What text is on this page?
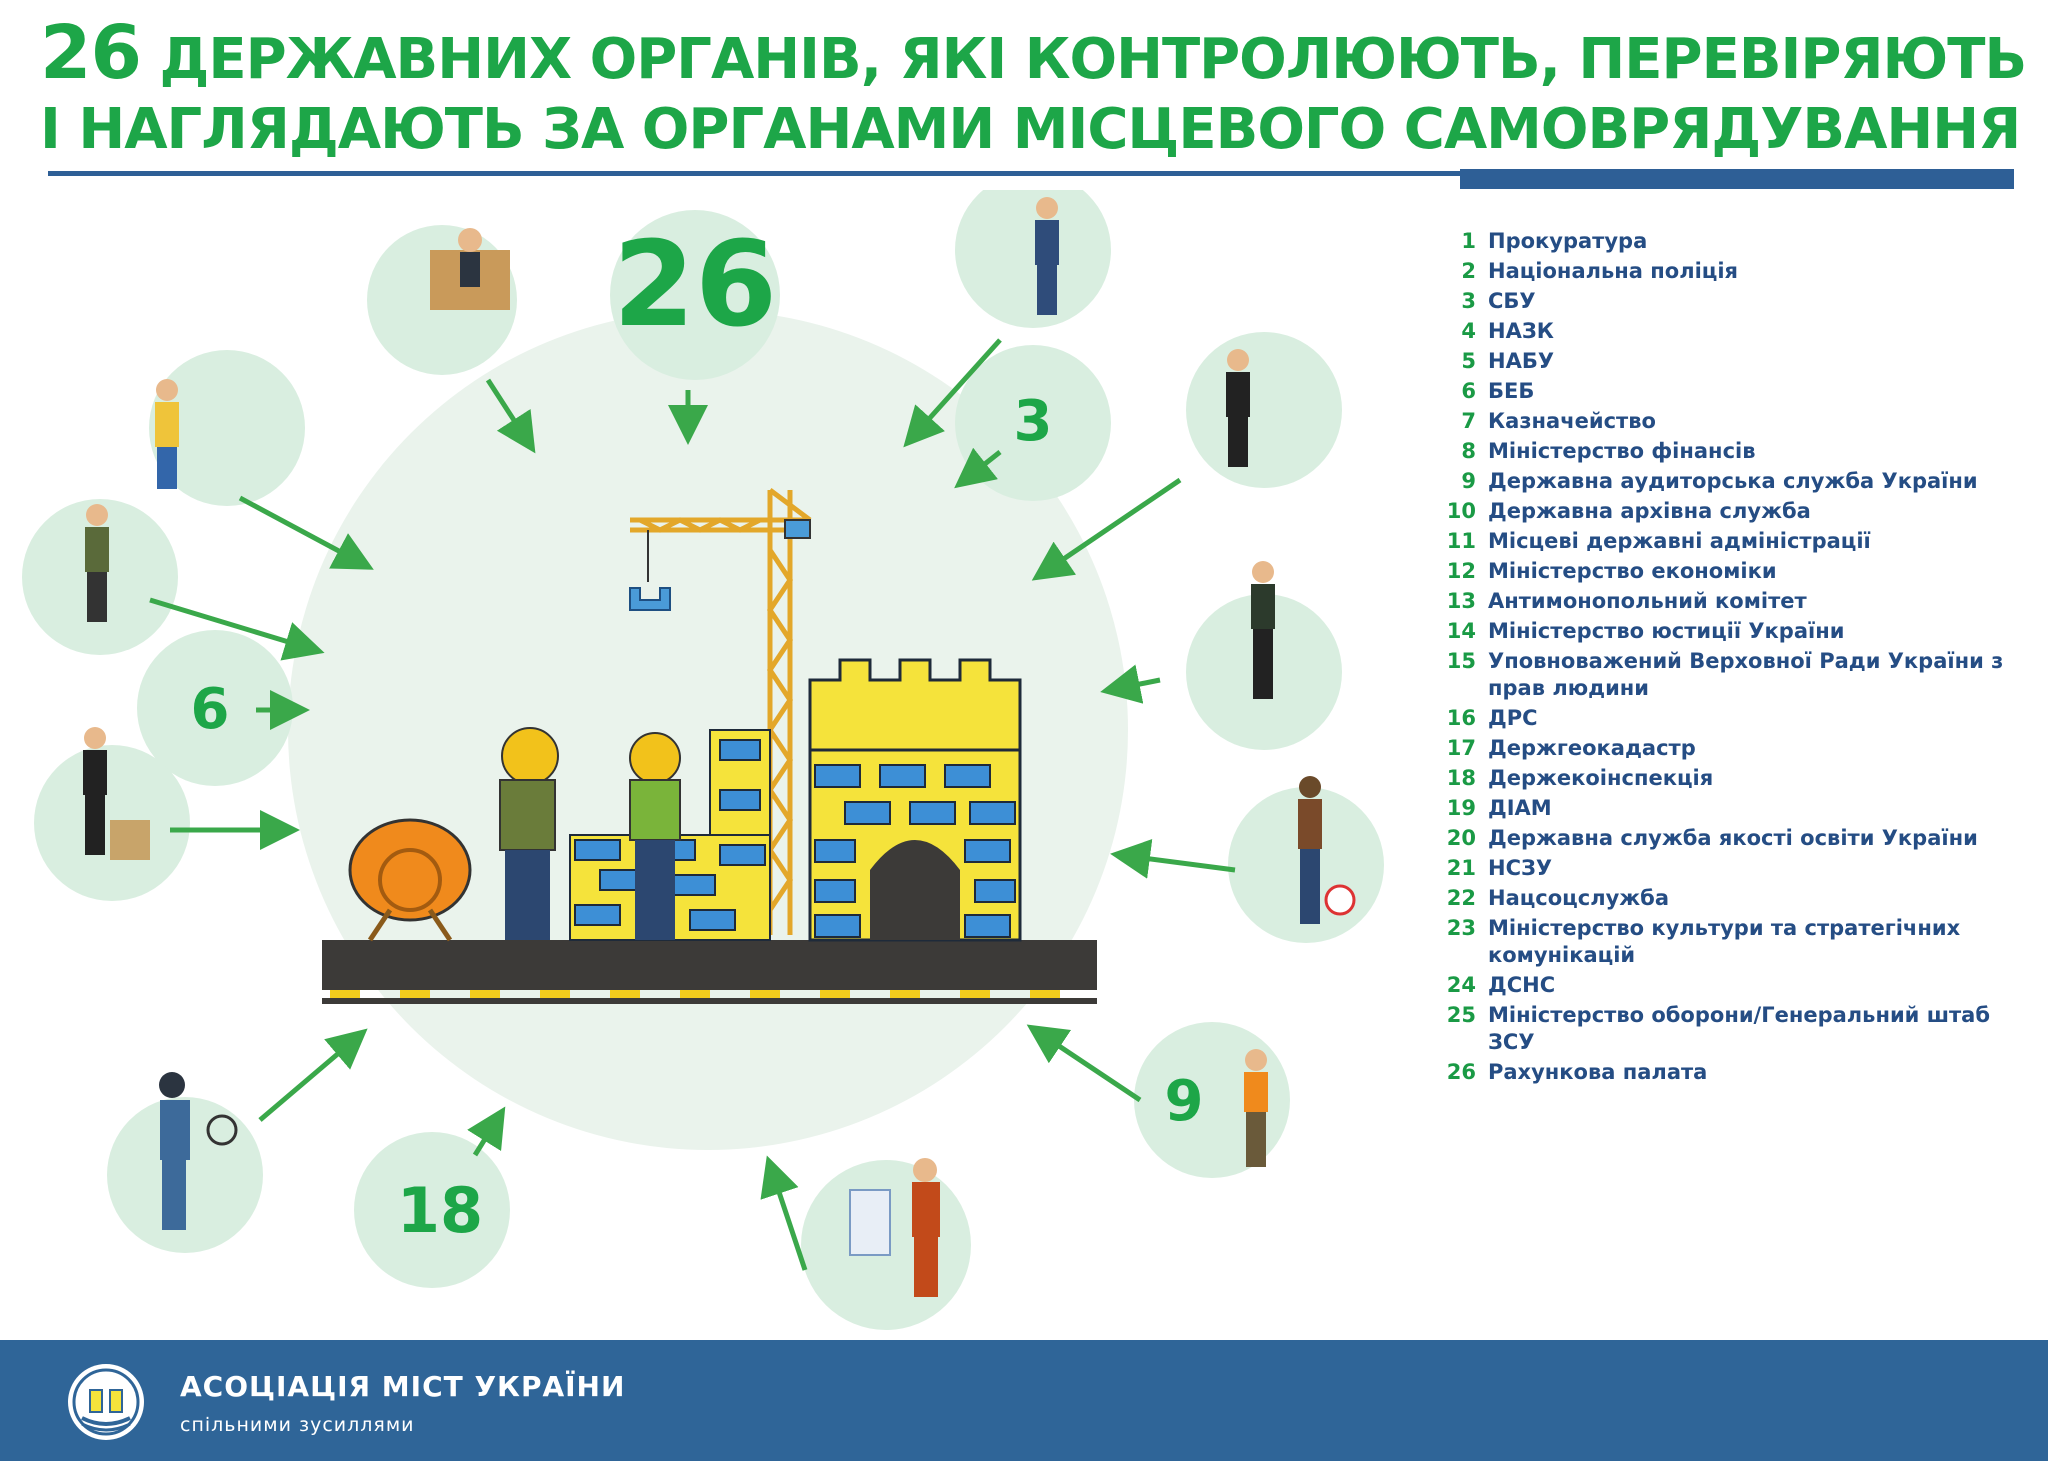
26 ДЕРЖАВНИХ ОРГАНІВ, ЯКІ КОНТРОЛЮЮТЬ, ПЕРЕВІРЯЮТЬ
І НАГЛЯДАЮТЬ ЗА ОРГАНАМИ МІСЦЕВОГО САМОВРЯДУВАННЯ
26
3
6
9
18
1 Прокуратура
2 Національна поліція
3 СБУ
4 НАЗК
5 НАБУ
6 БЕБ
7 Казначейство
8 Міністерство фінансів
9 Державна аудиторська служба України
10 Державна архівна служба
11 Місцеві державні адміністрації
12 Міністерство економіки
13 Антимонопольний комітет
14 Міністерство юстиції України
15 Уповноважений Верховної Ради України з прав людини
16 ДРС
17 Держгеокадастр
18 Держекоінспекція
19 ДІАМ
20 Державна служба якості освіти України
21 НСЗУ
22 Нацсоцслужба
23 Міністерство культури та стратегічних комунікацій
24 ДСНС
25 Міністерство оборони/Генеральний штаб ЗСУ
26 Рахункова палата
АСОЦІАЦІЯ МІСТ УКРАЇНИ
спільними зусиллями
